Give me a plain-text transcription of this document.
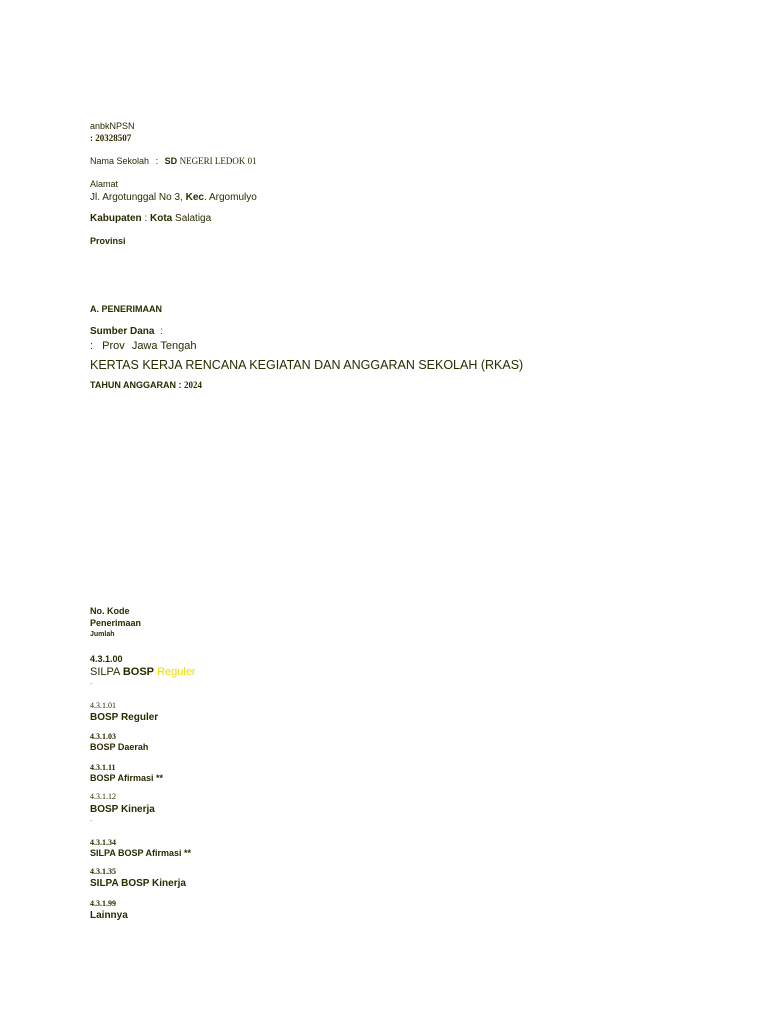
anbkNPSN
: 20328507
Nama Sekolah : SD NEGERI LEDOK 01
Alamat
Jl. Argotunggal No 3, Kec. Argomulyo
Kabupaten : Kota Salatiga
Provinsi
A. PENERIMAAN
Sumber Dana :
: Prov Jawa Tengah
KERTAS KERJA RENCANA KEGIATAN DAN ANGGARAN SEKOLAH (RKAS)
TAHUN ANGGARAN : 2024
No. Kode
Penerimaan
Jumlah
4.3.1.00
SILPA BOSP Reguler
-
4.3.1.01
BOSP Reguler
4.3.1.03
BOSP Daerah
4.3.1.11
BOSP Afirmasi **
4.3.1.12
BOSP Kinerja
-
4.3.1.34
SILPA BOSP Afirmasi **
4.3.1.35
SILPA BOSP Kinerja
4.3.1.99
Lainnya
